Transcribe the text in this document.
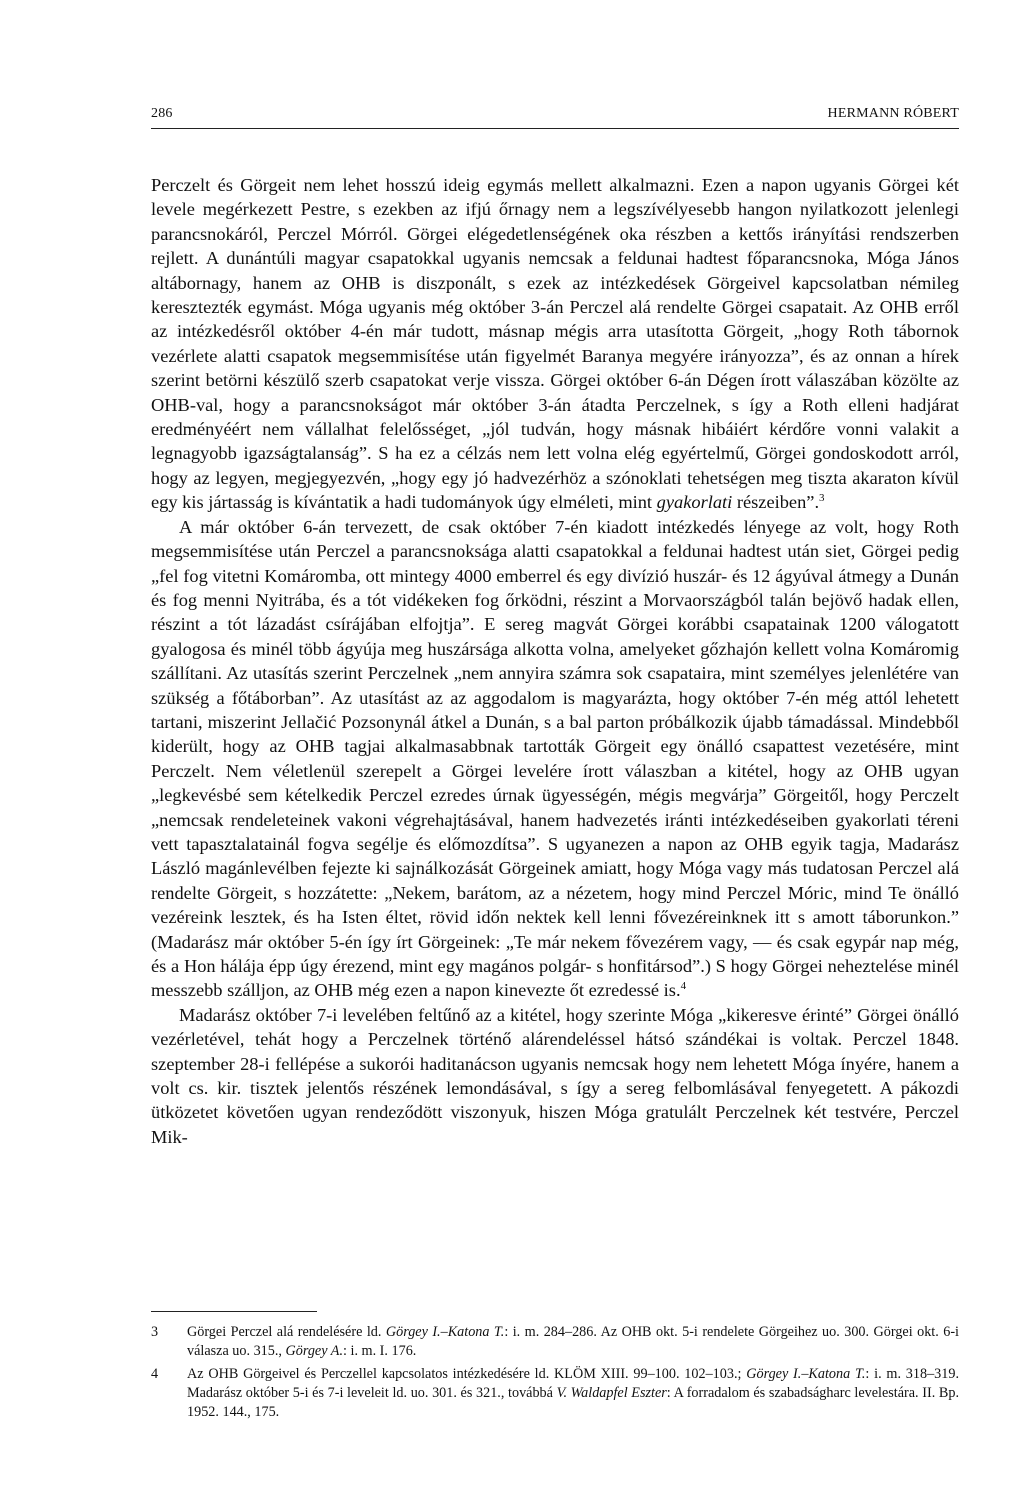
286	HERMANN RÓBERT

Perczelt és Görgeit nem lehet hosszú ideig egymás mellett alkalmazni. Ezen a napon ugyanis Görgei két levele megérkezett Pestre, s ezekben az ifjú őrnagy nem a legszívélyesebb hangon nyilatkozott jelenlegi parancsnokáról, Perczel Mórról. Görgei elégedetlenségének oka részben a kettős irányítási rendszerben rejlett. A dunántúli magyar csapatokkal ugyanis nemcsak a feldunai hadtest főparancsnoka, Móga János altábornagy, hanem az OHB is diszponált, s ezek az intézkedések Görgeivel kapcsolatban némileg keresztezték egymást. Móga ugyanis még október 3-án Perczel alá rendelte Görgei csapatait. Az OHB erről az intézkedésről október 4-én már tudott, másnap mégis arra utasította Görgeit, „hogy Roth tábornok vezérlete alatti csapatok megsemmisítése után figyelmét Baranya megyére irányozza”, és az onnan a hírek szerint betörni készülő szerb csapatokat verje vissza. Görgei október 6-án Dégen írott válaszában közölte az OHB-val, hogy a parancsnokságot már október 3-án átadta Perczelnek, s így a Roth elleni hadjárat eredményéért nem vállalhat felelősséget, „jól tudván, hogy másnak hibáiért kérdőre vonni valakit a legnagyobb igazságtalanság”. S ha ez a célzás nem lett volna elég egyértelmű, Görgei gondoskodott arról, hogy az legyen, megjegyezvén, „hogy egy jó hadvezérhöz a szónoklati tehetségen meg tiszta akaraton kívül egy kis jártasság is kívántatik a hadi tudományok úgy elméleti, mint gyakorlati részeiben”.$^3$

A már október 6-án tervezett, de csak október 7-én kiadott intézkedés lényege az volt, hogy Roth megsemmisítése után Perczel a parancsnoksága alatti csapatokkal a feldunai hadtest után siet, Görgei pedig „fel fog vitetni Komáromba, ott mintegy 4000 emberrel és egy divízió huszár- és 12 ágyúval átmegy a Dunán és fog menni Nyitrába, és a tót vidékeken fog őrködni, részint a Morvaországból talán bejövő hadak ellen, részint a tót lázadást csírájában elfojtja”. E sereg magvát Görgei korábbi csapatainak 1200 válogatott gyalogosa és minél több ágyúja meg huszársága alkotta volna, amelyeket gőzhajón kellett volna Komáromig szállítani. Az utasítás szerint Perczelnek „nem annyira számra sok csapataira, mint személyes jelenlétére van szükség a főtáborban”. Az utasítást az az aggodalom is magyarázta, hogy október 7-én még attól lehetett tartani, miszerint Jellačić Pozsonynál átkel a Dunán, s a bal parton próbálkozik újabb támadással. Mindebből kiderült, hogy az OHB tagjai alkalmasabbnak tartották Görgeit egy önálló csapattest vezetésére, mint Perczelt. Nem véletlenül szerepelt a Görgei levelére írott válaszban a kitétel, hogy az OHB ugyan „legkevésbé sem kételkedik Perczel ezredes úrnak ügyességén, mégis megvárja” Görgeitől, hogy Perczelt „nemcsak rendeleteinek vakoni végrehajtásával, hanem hadvezetés iránti intézkedéseiben gyakorlati téreni vett tapasztalatainál fogva segélje és előmozdítsa”. S ugyanezen a napon az OHB egyik tagja, Madarász László magánlevélben fejezte ki sajnálkozását Görgeinek amiatt, hogy Móga vagy más tudatosan Perczel alá rendelte Görgeit, s hozzátette: „Nekem, barátom, az a nézetem, hogy mind Perczel Móric, mind Te önálló vezéreink lesztek, és ha Isten éltet, rövid időn nektek kell lenni fővezéreinknek itt s amott táborunkon.” (Madarász már október 5-én így írt Görgeinek: „Te már nekem fővezérem vagy, — és csak egypár nap még, és a Hon hálája épp úgy érezend, mint egy magános polgár- s honfitársod”.) S hogy Görgei neheztelése minél messzebb szálljon, az OHB még ezen a napon kinevezte őt ezredessé is.$^4$

Madarász október 7-i levelében feltűnő az a kitétel, hogy szerinte Móga „kikeresve érinté” Görgei önálló vezérletével, tehát hogy a Perczelnek történő alárendeléssel hátsó szándékai is voltak. Perczel 1848. szeptember 28-i fellépése a sukorói haditanácson ugyanis nemcsak hogy nem lehetett Móga ínyére, hanem a volt cs. kir. tisztek jelentős részének lemondásával, s így a sereg felbomlásával fenyegetett. A pákozdi ütközetet követően ugyan rendeződött viszonyuk, hiszen Móga gratulált Perczelnek két testvére, Perczel Mik-

3 Görgei Perczel alá rendelésére ld. Görgey I.–Katona T.: i. m. 284–286. Az OHB okt. 5-i rendelete Görgeihez uo. 300. Görgei okt. 6-i válasza uo. 315., Görgey A.: i. m. I. 176.
4 Az OHB Görgeivel és Perczellel kapcsolatos intézkedésére ld. KLÖM XIII. 99–100. 102–103.; Görgey I.–Katona T.: i. m. 318–319. Madarász október 5-i és 7-i leveleit ld. uo. 301. és 321., továbbá V. Waldapfel Eszter: A forradalom és szabadságharc levelestára. II. Bp. 1952. 144., 175.
